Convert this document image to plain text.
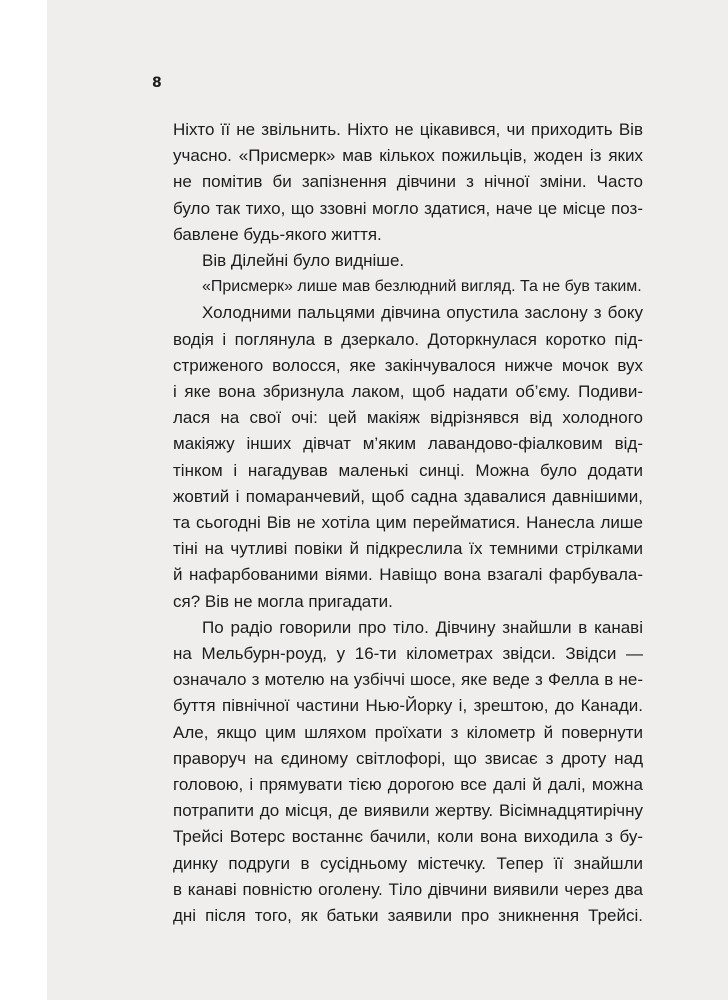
8

Ніхто її не звільнить. Ніхто не цікавився, чи приходить Вів
учасно. «Присмерк» мав кількох пожильців, жоден із яких
не помітив би запізнення дівчини з нічної зміни. Часто
було так тихо, що ззовні могло здатися, наче це місце поз-
бавлене будь-якого життя.
Вів Ділейні було видніше.
«Присмерк» лише мав безлюдний вигляд. Та не був таким.
Холодними пальцями дівчина опустила заслону з боку
водія і поглянула в дзеркало. Доторкнулася коротко під-
стриженого волосся, яке закінчувалося нижче мочок вух
і яке вона збризнула лаком, щоб надати об’єму. Подиви-
лася на свої очі: цей макіяж відрізнявся від холодного
макіяжу інших дівчат м’яким лавандово-фіалковим від-
тінком і нагадував маленькі синці. Можна було додати
жовтий і помаранчевий, щоб садна здавалися давнішими,
та сьогодні Вів не хотіла цим перейматися. Нанесла лише
тіні на чутливі повіки й підкреслила їх темними стрілками
й нафарбованими віями. Навіщо вона взагалі фарбувала-
ся? Вів не могла пригадати.
По радіо говорили про тіло. Дівчину знайшли в канаві
на Мельбурн-роуд, у 16-ти кілометрах звідси. Звідси —
означало з мотелю на узбіччі шосе, яке веде з Фелла в не-
буття північної частини Нью-Йорку і, зрештою, до Канади.
Але, якщо цим шляхом проїхати з кілометр й повернути
праворуч на єдиному світлофорі, що звисає з дроту над
головою, і прямувати тією дорогою все далі й далі, можна
потрапити до місця, де виявили жертву. Вісімнадцятирічну
Трейсі Вотерс востаннє бачили, коли вона виходила з бу-
динку подруги в сусідньому містечку. Тепер її знайшли
в канаві повністю оголену. Тіло дівчини виявили через два
дні після того, як батьки заявили про зникнення Трейсі.
